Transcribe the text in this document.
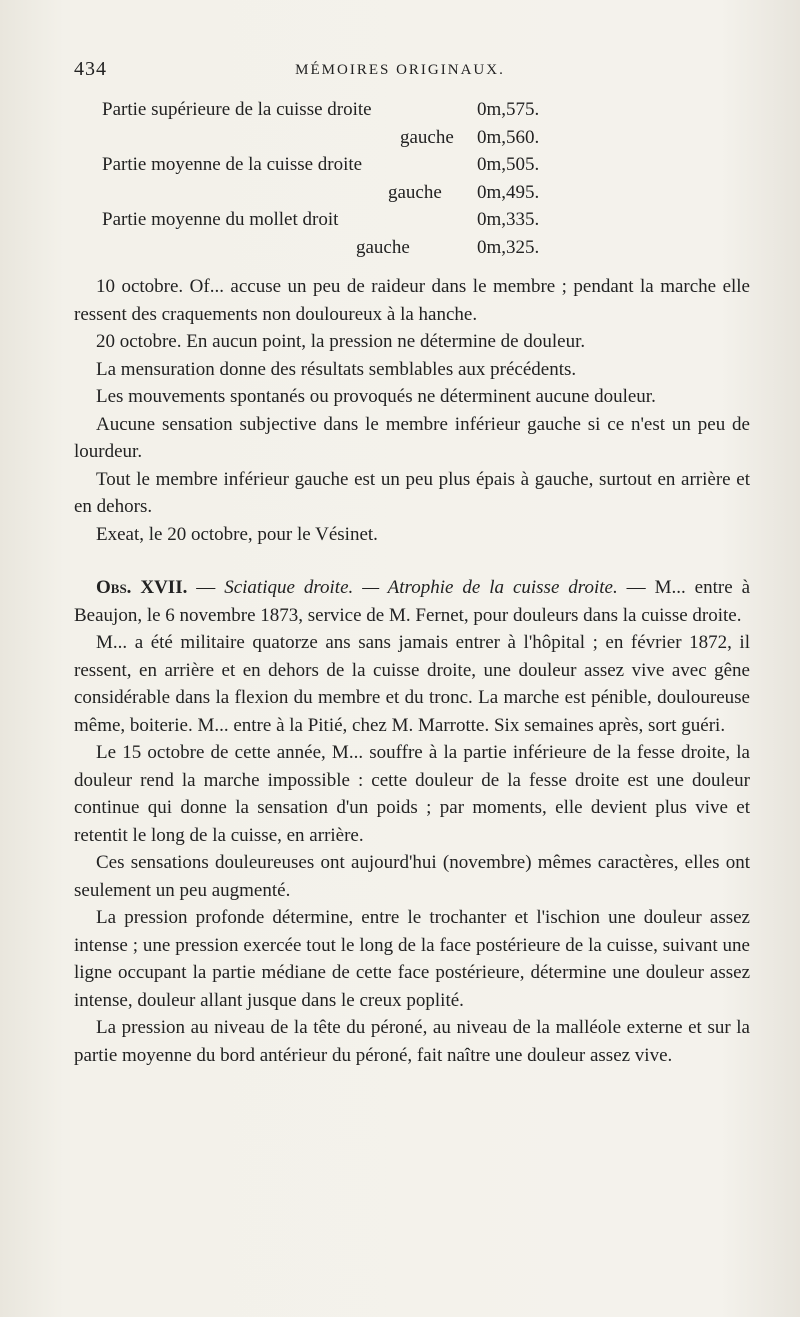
434	MÉMOIRES ORIGINAUX.
Partie supérieure de la cuisse droite	0m,575.
gauche 0m,560.
Partie moyenne de la cuisse droite	0m,505.
gauche 0m,495.
Partie moyenne du mollet droit	0m,335.
gauche	0m,325.

10 octobre. Of... accuse un peu de raideur dans le membre ; pendant la marche elle ressent des craquements non douloureux à la hanche.

20 octobre. En aucun point, la pression ne détermine de douleur.

La mensuration donne des résultats semblables aux précédents.

Les mouvements spontanés ou provoqués ne déterminent aucune douleur.

Aucune sensation subjective dans le membre inférieur gauche si ce n'est un peu de lourdeur.

Tout le membre inférieur gauche est un peu plus épais à gauche, surtout en arrière et en dehors.

Exeat, le 20 octobre, pour le Vésinet.

Obs. XVII. — Sciatique droite. — Atrophie de la cuisse droite. — M... entre à Beaujon, le 6 novembre 1873, service de M. Fernet, pour douleurs dans la cuisse droite.

M... a été militaire quatorze ans sans jamais entrer à l'hôpital ; en février 1872, il ressent, en arrière et en dehors de la cuisse droite, une douleur assez vive avec gêne considérable dans la flexion du membre et du tronc. La marche est pénible, douloureuse même, boiterie. M... entre à la Pitié, chez M. Marrotte. Six semaines après, sort guéri.

Le 15 octobre de cette année, M... souffre à la partie inférieure de la fesse droite, la douleur rend la marche impossible : cette douleur de la fesse droite est une douleur continue qui donne la sensation d'un poids ; par moments, elle devient plus vive et retentit le long de la cuisse, en arrière.

Ces sensations douleureuses ont aujourd'hui (novembre) mêmes caractères, elles ont seulement un peu augmenté.

La pression profonde détermine, entre le trochanter et l'ischion une douleur assez intense ; une pression exercée tout le long de la face postérieure de la cuisse, suivant une ligne occupant la partie médiane de cette face postérieure, détermine une douleur assez intense, douleur allant jusque dans le creux poplité.

La pression au niveau de la tête du péroné, au niveau de la malléole externe et sur la partie moyenne du bord antérieur du péroné, fait naître une douleur assez vive.
